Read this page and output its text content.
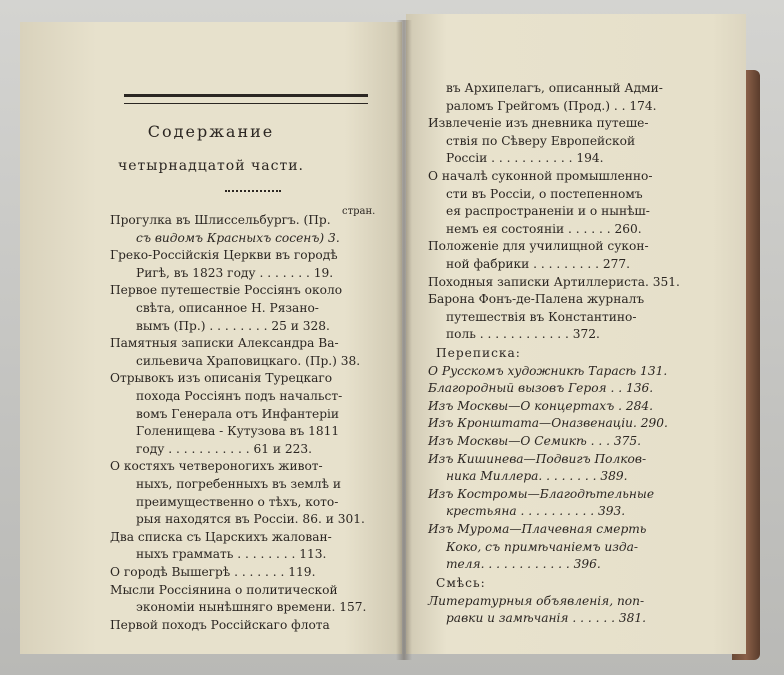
Содержание
четырнадцатой части.
стран.
Прогулка въ Шлиссельбургъ. (Пр.
съ видомъ Красныхъ сосенъ) 3.
Греко-Россiйскiя Церкви въ городѣ
Ригѣ, въ 1823 году . . . . . . . 19.
Первое путешествiе Россiянъ около
свѣта, описанное Н. Рязано-
вымъ (Пр.) . . . . . . . . 25 и 328.
Памятныя записки Александра Ва-
сильевича Храповицкаго. (Пр.) 38.
Отрывокъ изъ описанiя Турецкаго
похода Россiянъ подъ начальст-
вомъ Генерала отъ Инфантерiи
Голенищева - Кутузова въ 1811
году . . . . . . . . . . . 61 и 223.
О костяхъ четвероногихъ живот-
ныхъ, погребенныхъ въ землѣ и
преимущественно о тѣхъ, кото-
рыя находятся въ Россiи. 86. и 301.
Два списка съ Царскихъ жалован-
ныхъ граммать . . . . . . . . 113.
О городѣ Вышегрѣ . . . . . . . 119.
Мысли Россiянина о политической
экономiи нынѣшняго времени. 157.
Первой походъ Россiйскаго флота
въ Архипелагъ, описанный Адми-
раломъ Грейгомъ (Прод.) . . 174.
Извлеченiе изъ дневника путеше-
ствiя по Сѣверу Европейской
Россiи . . . . . . . . . . . 194.
О началѣ суконной промышленно-
сти въ Россiи, о постепенномъ
ея распространенiи и о нынѣш-
немъ ея состоянiи . . . . . . 260.
Положенiе для училищной сукон-
ной фабрики . . . . . . . . . 277.
Походныя записки Артиллериста. 351.
Барона Фонъ-де-Палена журналъ
путешествiя въ Константино-
поль . . . . . . . . . . . . 372.
Переписка:
О Русскомъ художникѣ Тарасѣ 131.
Благородный вызовъ Героя . . 136.
Изъ Москвы—О концертахъ . 284.
Изъ Кронштата—Оназвенацiи. 290.
Изъ Москвы—О Семикѣ . . . 375.
Изъ Кишинева—Подвигъ Полков-
ника Миллера. . . . . . . . 389.
Изъ Костромы—Благодѣтельные
крестьяна . . . . . . . . . . 393.
Изъ Мурома—Плачевная смерть
Коко, съ примѣчанiемъ изда-
теля. . . . . . . . . . . . 396.
Смѣсь:
Литературныя объявленiя, поп-
равки и замѣчанiя . . . . . . 381.
